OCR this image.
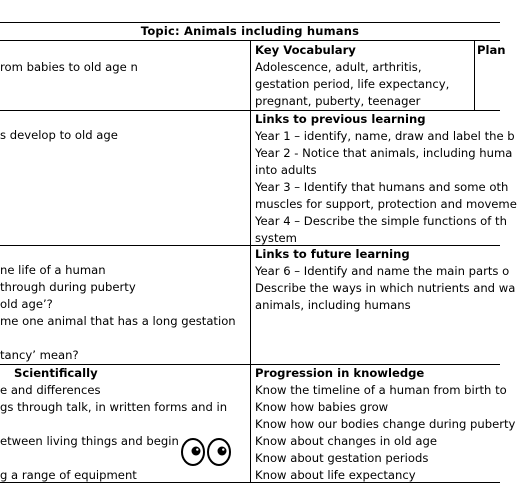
Topic: Animals including humans
rom babies to old age n
s develop to old age
ne life of a human
through during puberty
old age’?
me one animal that has a long gestation
tancy’ mean?
Scientifically
e and differences
gs through talk, in written forms and in
etween living things and begin
g a range of equipment
Key Vocabulary
Adolescence, adult, arthritis,
gestation period, life expectancy,
pregnant, puberty, teenager
Plan
Links to previous learning
Year 1 – identify, name, draw and label the b
Year 2 - Notice that animals, including huma
into adults
Year 3 – Identify that humans and some oth
muscles for support, protection and moveme
Year 4 – Describe the simple functions of th
system
Links to future learning
Year 6 – Identify and name the main parts o
Describe the ways in which nutrients and wa
animals, including humans
Progression in knowledge
Know the timeline of a human from birth to
Know how babies grow
Know how our bodies change during puberty
Know about changes in old age
Know about gestation periods
Know about life expectancy
